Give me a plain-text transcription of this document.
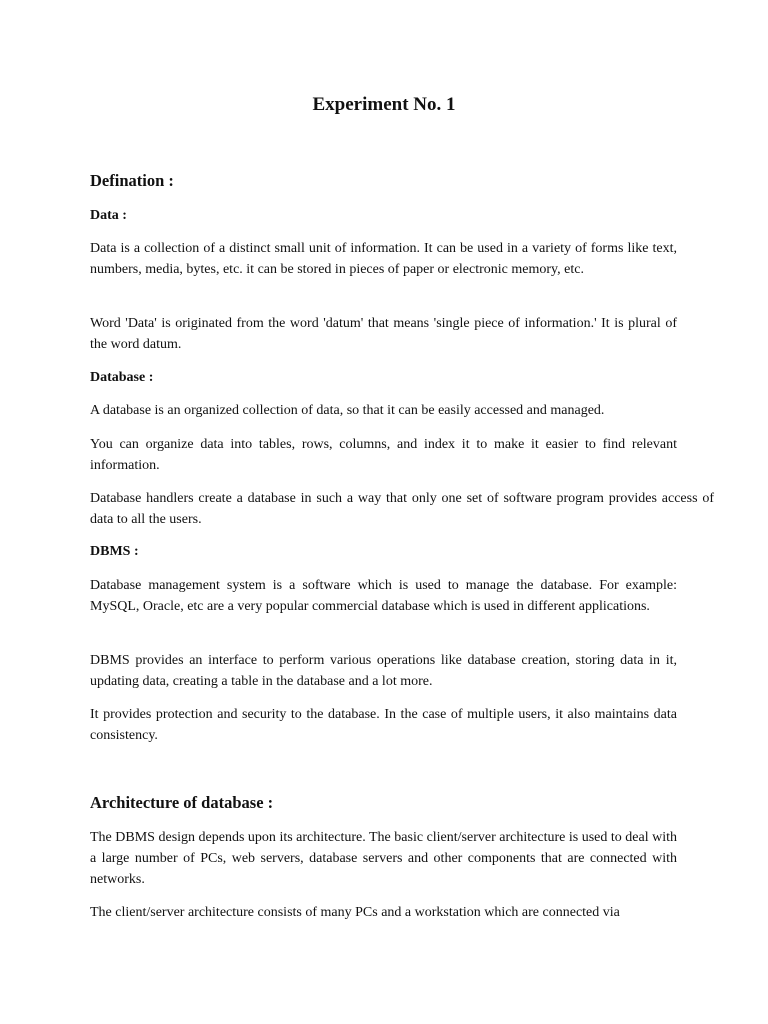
Experiment No. 1
Defination :
Data :

Data is a collection of a distinct small unit of information. It can be used in a variety of forms like text, numbers, media, bytes, etc. it can be stored in pieces of paper or electronic memory, etc.

Word 'Data' is originated from the word 'datum' that means 'single piece of information.' It is plural of the word datum.

Database :

A database is an organized collection of data, so that it can be easily accessed and managed.

You can organize data into tables, rows, columns, and index it to make it easier to find relevant information.

Database handlers create a database in such a way that only one set of software program provides access of data to all the users.

DBMS :

Database management system is a software which is used to manage the database. For example: MySQL, Oracle, etc are a very popular commercial database which is used in different applications.

DBMS provides an interface to perform various operations like database creation, storing data in it, updating data, creating a table in the database and a lot more.

It provides protection and security to the database. In the case of multiple users, it also maintains data consistency.

Architecture of database :

The DBMS design depends upon its architecture. The basic client/server architecture is used to deal with a large number of PCs, web servers, database servers and other components that are connected with networks.

The client/server architecture consists of many PCs and a workstation which are connected via
